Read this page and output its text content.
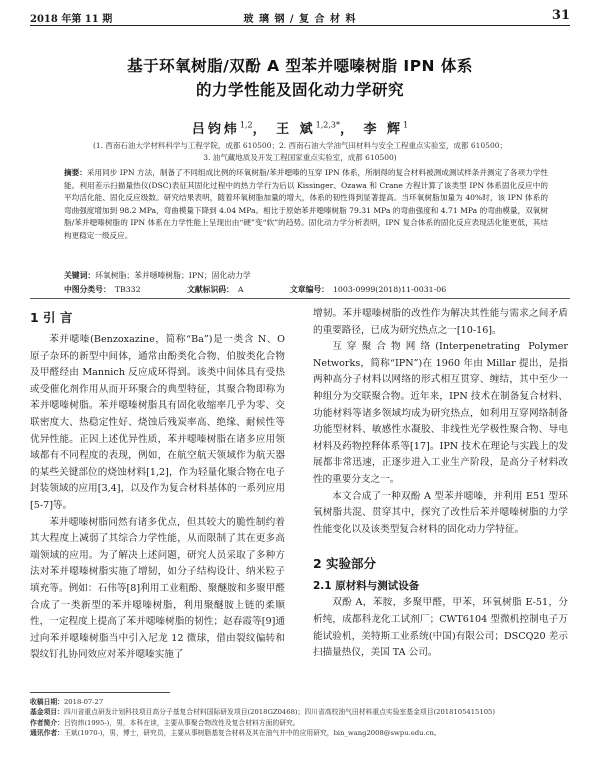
2018 年第 11 期	玻 璃 钢 / 复 合 材 料	31
基于环氧树脂/双酚 A 型苯并噁嗪树脂 IPN 体系
的力学性能及固化动力学研究
吕钧炜$^{1,2}$， 王 斌$^{1,2,3*}$， 李 辉$^1$
(1. 西南石油大学材料科学与工程学院，成都 610500；2. 西南石油大学油气田材料与安全工程重点实验室，成都 610500；
3. 油气藏地质及开发工程国家重点实验室，成都 610500)
摘要：采用同步 IPN 方法，制备了不同组成比例的环氧树脂/苯并噁嗪的互穿 IPN 体系，所制得的复合材料被测成测试样条并测定了各项力学性能。利用差示扫描量热仪(DSC)表征其固化过程中的热力学行为后以 Kissinger、Ozawa 和 Crane 方程计算了该类型 IPN 体系固化反应中的平均活化能、固化反应级数。研究结果表明，随着环氧树脂加量的增大，体系的韧性得到显著提高。当环氧树脂加量为 40%时，该 IPN 体系的弯曲强度增加到 98.2 MPa，弯曲模量下降到 4.04 MPa。相比于原始苯并噁嗪树脂 79.31 MPa 的弯曲强度和 4.71 MPa 的弯曲模量，双氧树脂/苯并噁嗪树脂的 IPN 体系在力学性能上呈现出由“硬”变“软”的趋势。固化动力学分析表明，IPN 复合体系的固化反应表现活化能更低，其结构更稳定一级反应。
关键词：环氧树脂；苯并噁嗪树脂；IPN；固化动力学
中图分类号： TB332	文献标识码： A	文章编号： 1003-0999(2018)11-0031-06
1 引 言

苯并噁嗪(Benzoxazine，简称“Ba”)是一类含 N、O 原子杂环的新型中间体，通常由酚类化合物、伯胺类化合物及甲醛经由 Mannich 反应成环得到。该类中间体具有受热或受催化剂作用从而开环聚合的典型特征，其聚合物即称为苯并噁嗪树脂。苯并噁嗪树脂具有固化收缩率几乎为零、交联密度大、热稳定性好、烧蚀后残炭率高、绝缘、耐候性等优异性能。正因上述优异性质，苯并噁嗪树脂在诸多应用领域都有不同程度的表现，例如，在航空航天领域作为航天器的某些关键部位的烧蚀材料[1,2]，作为轻量化聚合物在电子封装领域的应用[3,4]，以及作为复合材料基体的一系列应用[5-7]等。

苯并噁嗪树脂同然有诸多优点，但其较大的脆性制约着其大程度上减弱了其综合力学性能，从而限制了其在更多高端领域的应用。为了解决上述问题，研究人员采取了多种方法对苯并噁嗪树脂实施了增韧，如分子结构设计、纳米粒子填充等。例如：石伟等[8]利用工业粗酚、聚醚胺和多聚甲醛合成了一类新型的苯并噁嗪树脂，利用聚醚胺上链的柔顺性，一定程度上提高了苯并噁嗪树脂的韧性；赵春霞等[9]通过向苯并噁嗪树脂当中引入尼龙 12 微球，借由裂纹偏转和裂纹钉扎协同效应对苯并噁嗪实施了

增韧。苯并噁嗪树脂的改性作为解决其性能与需求之间矛盾的重要路径，已成为研究热点之一[10-16]。

互穿聚合物网络(Interpenetrating Polymer Networks，简称“IPN”)在 1960 年由 Millar 提出，是指两种高分子材料以网络的形式相互贯穿、缠结，其中至少一种组分为交联聚合物。近年来，IPN 技术在制备复合材料、功能材料等诸多领域均成为研究热点，如利用互穿网络制备功能型材料、敏感性水凝胶、非线性光学极性聚合物、导电材料及药物控释体系等[17]。IPN 技术在理论与实践上的发展都非常迅速，正逐步进入工业生产阶段，是高分子材料改性的重要分支之一。

本文合成了一种双酚 A 型苯并噁嗪，并利用 E51 型环氧树脂共混、贯穿其中，探究了改性后苯并噁嗪树脂的力学性能变化以及该类型复合材料的固化动力学特征。

2 实验部分
2.1 原材料与测试设备

双酚 A，苯胺，多聚甲醛，甲苯，环氧树脂 E-51，分析纯，成都科龙化工试剂厂；CWT6104 型微机控制电子万能试验机，美特斯工业系统(中国)有限公司；DSCQ20 差示扫描量热仪，美国 TA 公司。

收稿日期：2018-07-27

基金项目：四川省重点研发计划科技项目高分子基复合材料国际研发项目(2018GZ0468)；四川省高校油气田材料重点实验室基金项目(2018105415105)

作者简介：吕钧炜(1995-)，男，本科在读，主要从事聚合物改性及复合材料方面的研究。

通讯作者：王斌(1970-)，男，博士，研究员，主要从事树脂基复合材料及其在油气井中的应用研究，bin_wang2008@swpu.edu.cn。
